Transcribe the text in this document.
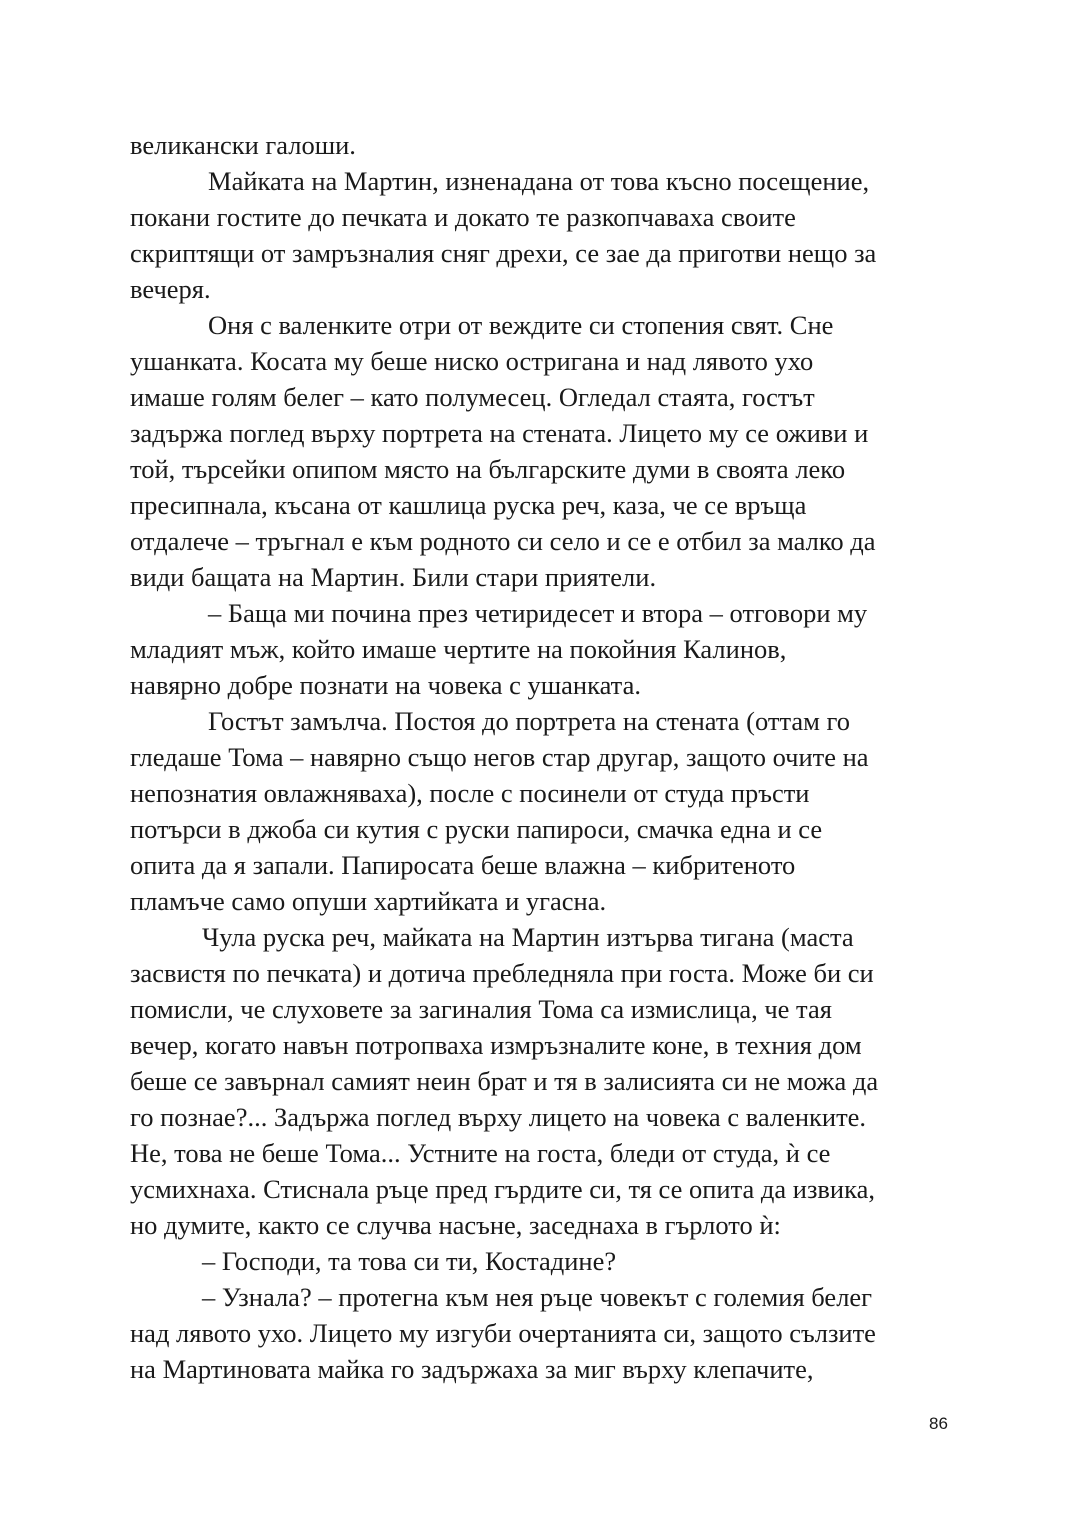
великански галоши.
Майката на Мартин, изненадана от това късно посещение,
покани гостите до печката и докато те разкопчаваха своите
скриптящи от замръзналия сняг дрехи, се зае да приготви нещо за
вечеря.
Оня с валенките отри от веждите си стопения свят. Сне
ушанката. Косата му беше ниско остригана и над лявото ухо
имаше голям белег – като полумесец. Огледал стаята, гостът
задържа поглед върху портрета на стената. Лицето му се оживи и
той, търсейки опипом място на българските думи в своята леко
пресипнала, късана от кашлица руска реч, каза, че се връща
отдалече – тръгнал е към родното си село и се е отбил за малко да
види бащата на Мартин. Били стари приятели.
– Баща ми почина през четиридесет и втора – отговори му
младият мъж, който имаше чертите на покойния Калинов,
навярно добре познати на човека с ушанката.
Гостът замълча. Постоя до портрета на стената (оттам го
гледаше Тома – навярно също негов стар другар, защото очите на
непознатия овлажняваха), после с посинели от студа пръсти
потърси в джоба си кутия с руски папироси, смачка една и се
опита да я запали. Папиросата беше влажна – кибритеното
пламъче само опуши хартийката и угасна.
Чула руска реч, майката на Мартин изтърва тигана (маста
засвистя по печката) и дотича пребледняла при госта. Може би си
помисли, че слуховете за загиналия Тома са измислица, че тая
вечер, когато навън потропваха измръзналите коне, в техния дом
беше се завърнал самият неин брат и тя в залисията си не можа да
го познае?... Задържа поглед върху лицето на човека с валенките.
Не, това не беше Тома... Устните на госта, бледи от студа, ѝ се
усмихнаха. Стиснала ръце пред гърдите си, тя се опита да извика,
но думите, както се случва насъне, заседнаха в гърлото ѝ:
– Господи, та това си ти, Костадине?
– Узнала? – протегна към нея ръце човекът с големия белег
над лявото ухо. Лицето му изгуби очертанията си, защото сълзите
на Мартиновата майка го задържаха за миг върху клепачите,
86
